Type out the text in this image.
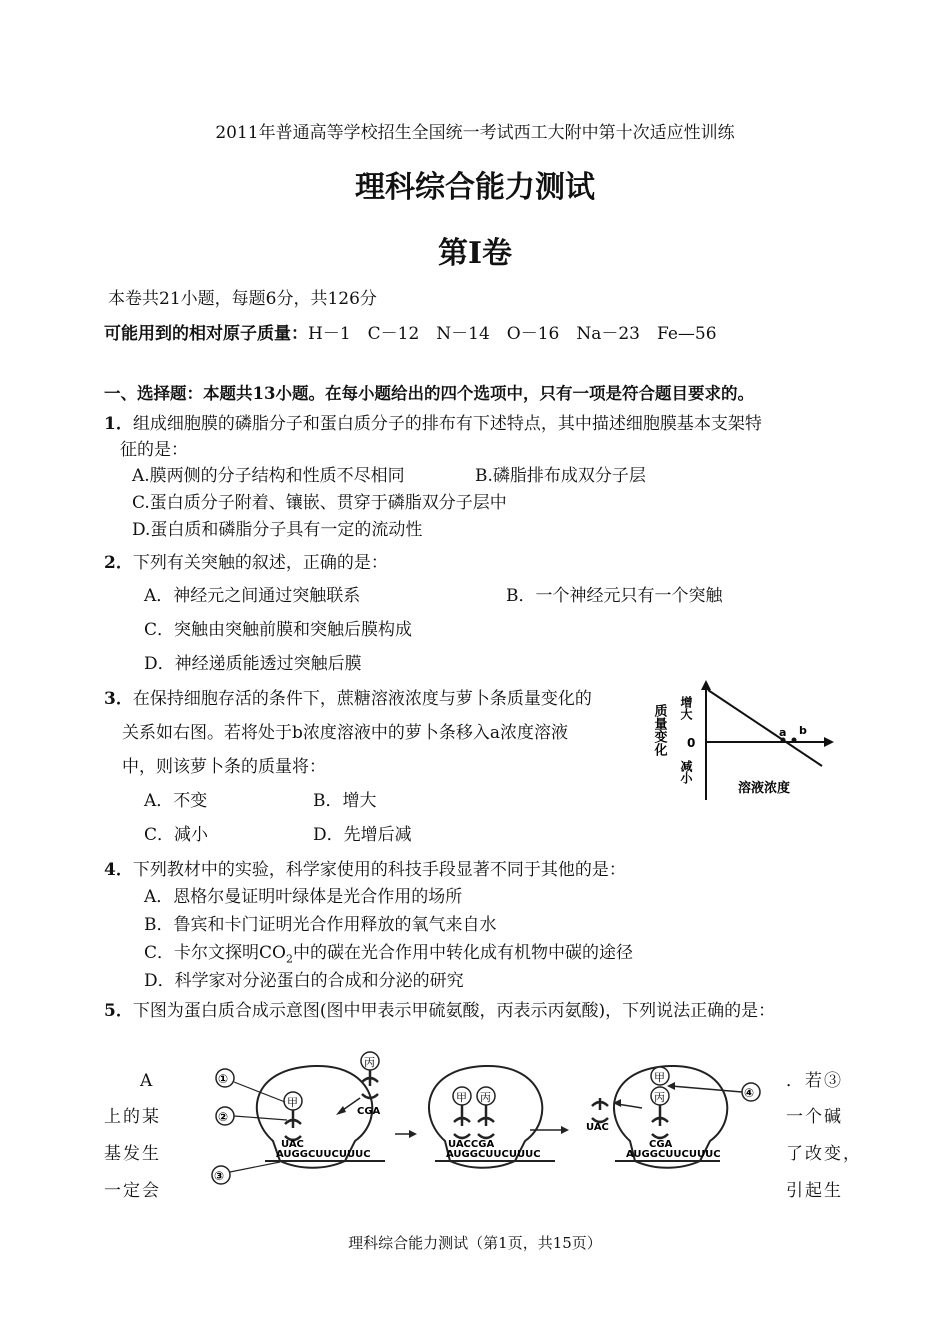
2011年普通高等学校招生全国统一考试西工大附中第十次适应性训练
理科综合能力测试
第Ⅰ卷
本卷共21小题，每题6分，共126分
可能用到的相对原子质量：H－1　C－12　N－14　O－16　Na－23　Fe—56
一、选择题：本题共13小题。在每小题给出的四个选项中，只有一项是符合题目要求的。
1．组成细胞膜的磷脂分子和蛋白质分子的排布有下述特点，其中描述细胞膜基本支架特
征的是：
A.膜两侧的分子结构和性质不尽相同	B.磷脂排布成双分子层
C.蛋白质分子附着、镶嵌、贯穿于磷脂双分子层中
D.蛋白质和磷脂分子具有一定的流动性
2．下列有关突触的叙述，正确的是：
A．神经元之间通过突触联系	B．一个神经元只有一个突触
C．突触由突触前膜和突触后膜构成
D．神经递质能透过突触后膜
3．在保持细胞存活的条件下，蔗糖溶液浓度与萝卜条质量变化的
关系如右图。若将处于b浓度溶液中的萝卜条移入a浓度溶液
中，则该萝卜条的质量将：
A．不变	B．增大
C．减小	D．先增后减
质量变化 增大
0
减小
a b
溶液浓度
4．下列教材中的实验，科学家使用的科技手段显著不同于其他的是：
A．恩格尔曼证明叶绿体是光合作用的场所
B．鲁宾和卡门证明光合作用释放的氧气来自水
C．卡尔文探明$CO_2$中的碳在光合作用中转化成有机物中碳的途径
D．科学家对分泌蛋白的合成和分泌的研究
5．下图为蛋白质合成示意图(图中甲表示甲硫氨酸，丙表示丙氨酸)，下列说法正确的是：
A
上的某
基发生
一定会
．若③
一个碱
了改变，
引起生
甲
UAC
丙
CGA
AUGGCUUCUUUC
①
②
③
甲 丙
UACCGA
AUGGCUUCUUUC
甲
丙
CGA
AUGGCUUCUUUC
UAC
④
理科综合能力测试（第1页，共15页）
